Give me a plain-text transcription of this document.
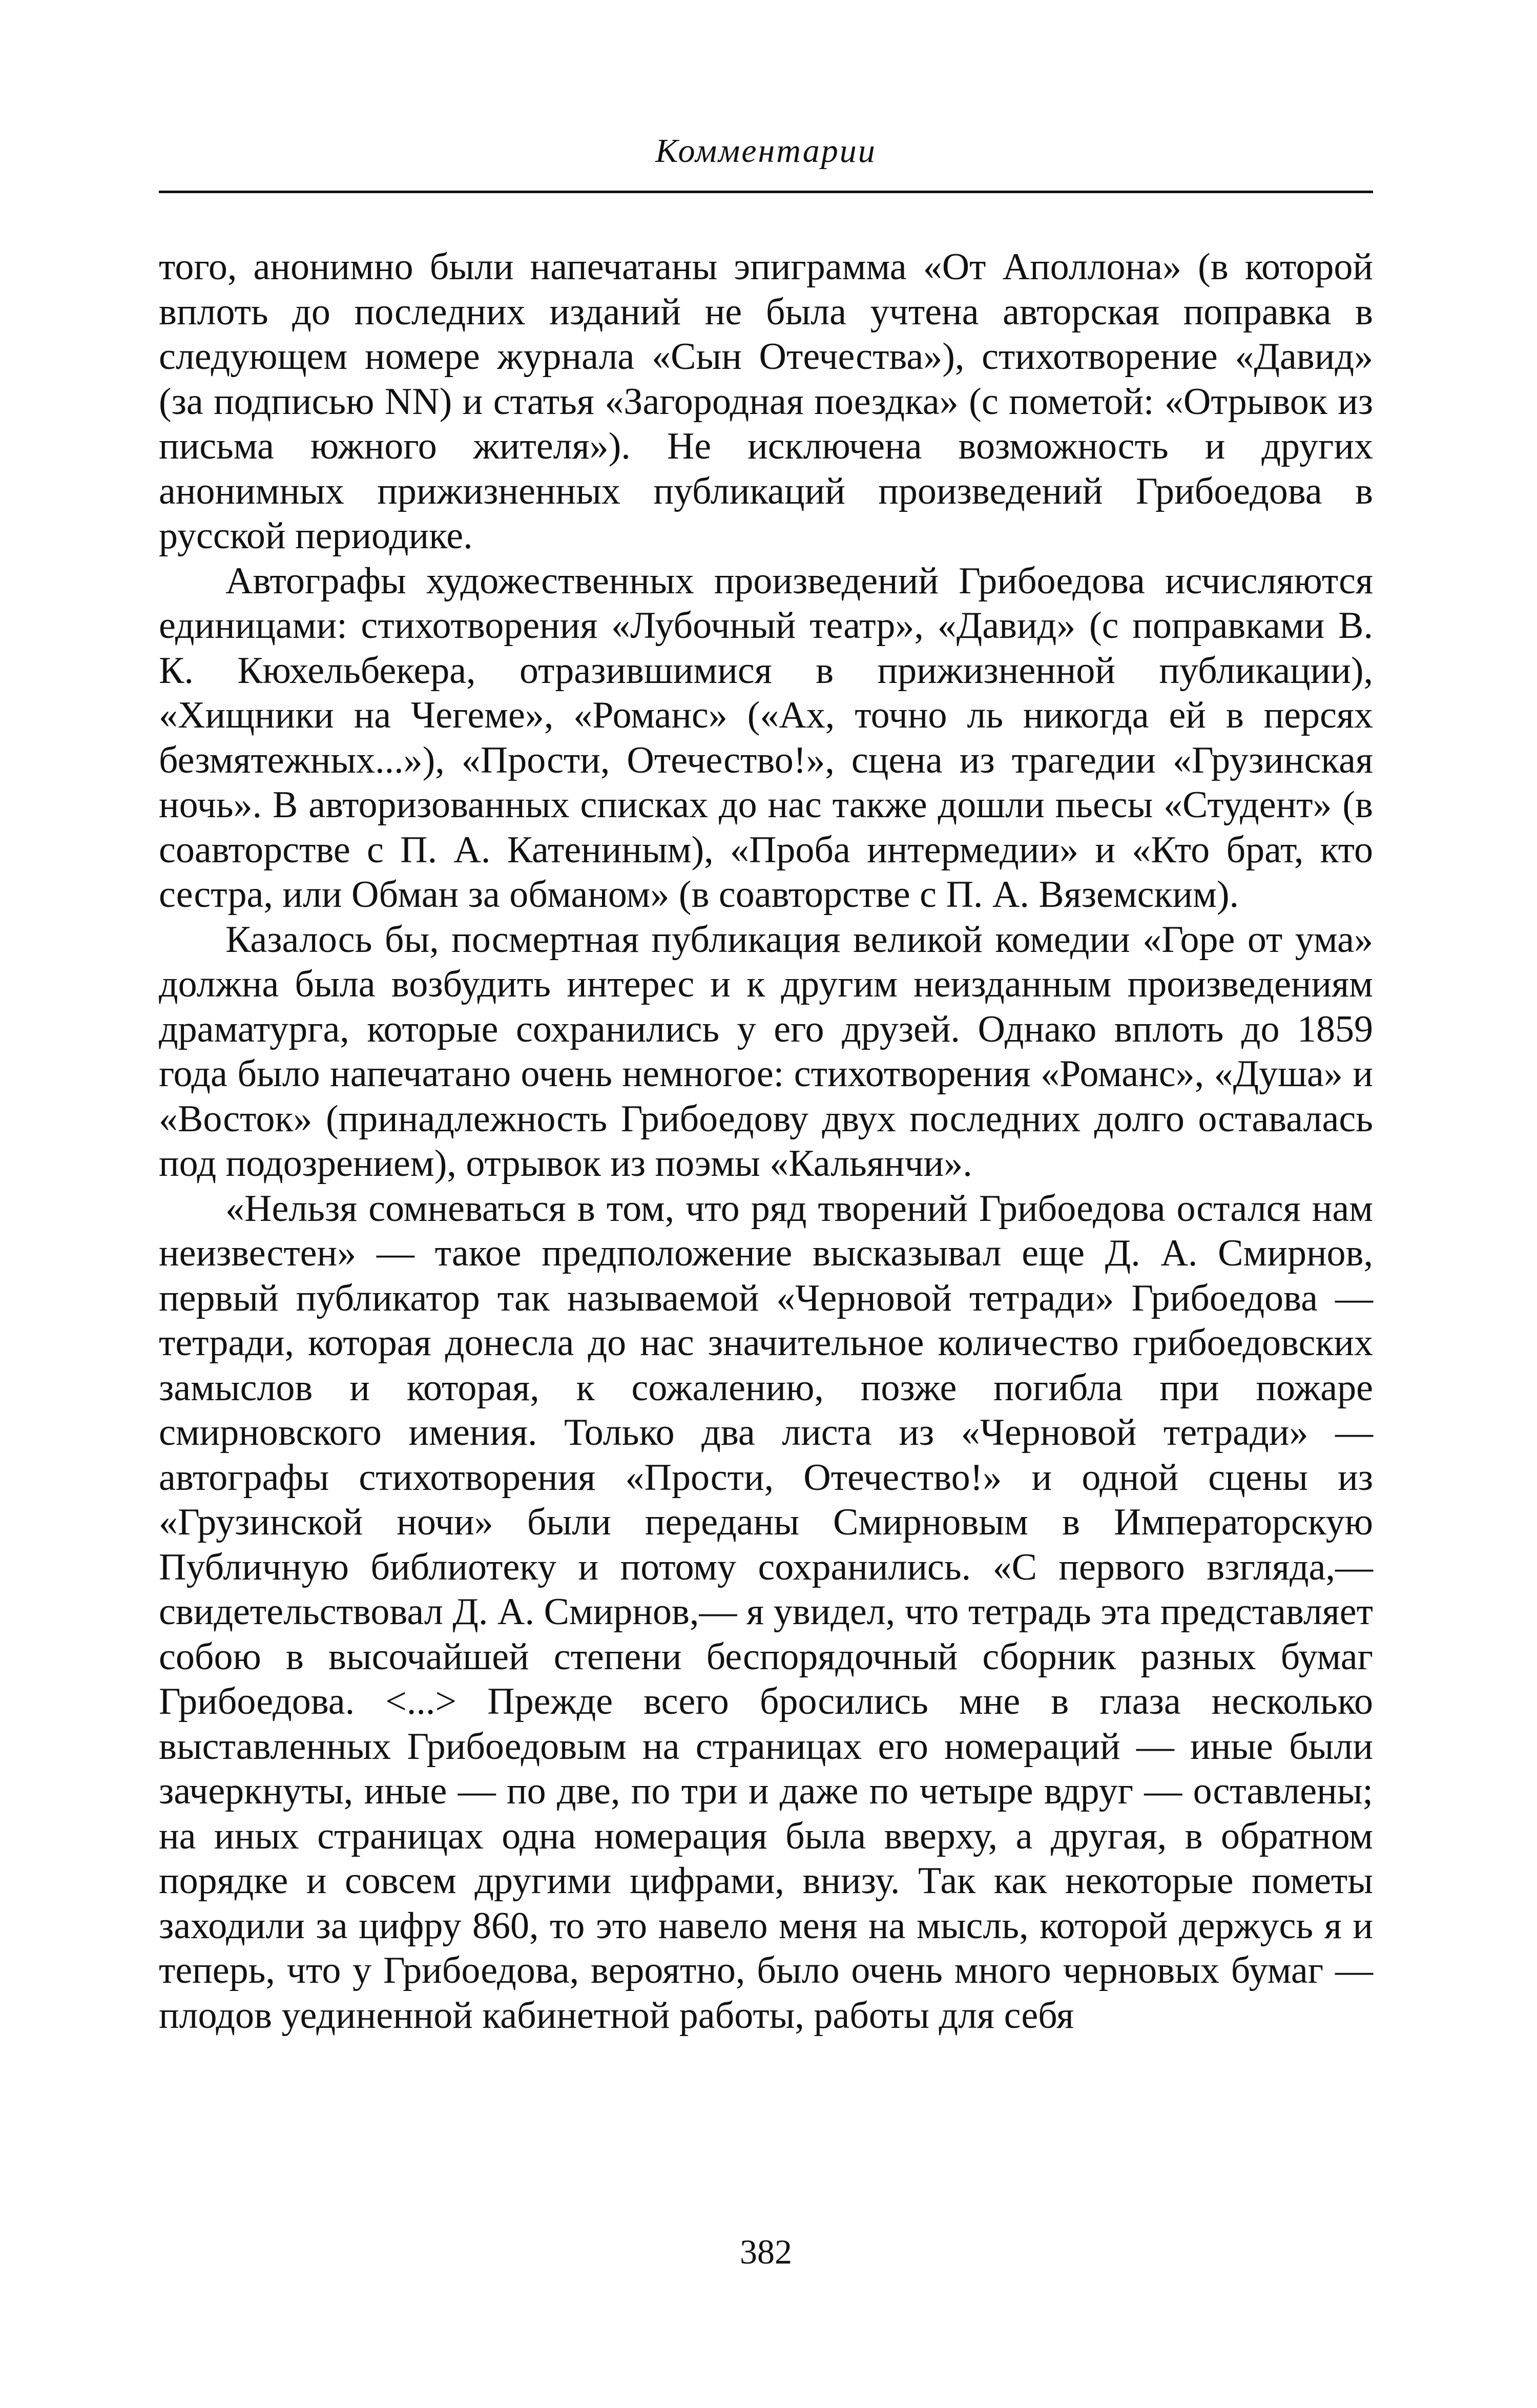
Комментарии

того, анонимно были напечатаны эпиграмма «От Аполлона» (в которой вплоть до последних изданий не была учтена авторская поправка в следующем номере журнала «Сын Отечества»), стихотворение «Давид» (за подписью NN) и статья «Загородная поездка» (с пометой: «Отрывок из письма южного жителя»). Не исключена возможность и других анонимных прижизненных публикаций произведений Грибоедова в русской периодике.

Автографы художественных произведений Грибоедова исчисляются единицами: стихотворения «Лубочный театр», «Давид» (с поправками В. К. Кюхельбекера, отразившимися в прижизненной публикации), «Хищники на Чегеме», «Романс» («Ах, точно ль никогда ей в персях безмятежных...»), «Прости, Отечество!», сцена из трагедии «Грузинская ночь». В авторизованных списках до нас также дошли пьесы «Студент» (в соавторстве с П. А. Катениным), «Проба интермедии» и «Кто брат, кто сестра, или Обман за обманом» (в соавторстве с П. А. Вяземским).

Казалось бы, посмертная публикация великой комедии «Горе от ума» должна была возбудить интерес и к другим неизданным произведениям драматурга, которые сохранились у его друзей. Однако вплоть до 1859 года было напечатано очень немногое: стихотворения «Романс», «Душа» и «Восток» (принадлежность Грибоедову двух последних долго оставалась под подозрением), отрывок из поэмы «Кальянчи».

«Нельзя сомневаться в том, что ряд творений Грибоедова остался нам неизвестен» — такое предположение высказывал еще Д. А. Смирнов, первый публикатор так называемой «Черновой тетради» Грибоедова — тетради, которая донесла до нас значительное количество грибоедовских замыслов и которая, к сожалению, позже погибла при пожаре смирновского имения. Только два листа из «Черновой тетради» — автографы стихотворения «Прости, Отечество!» и одной сцены из «Грузинской ночи» были переданы Смирновым в Императорскую Публичную библиотеку и потому сохранились. «С первого взгляда,— свидетельствовал Д. А. Смирнов,— я увидел, что тетрадь эта представляет собою в высочайшей степени беспорядочный сборник разных бумаг Грибоедова. <...> Прежде всего бросились мне в глаза несколько выставленных Грибоедовым на страницах его номераций — иные были зачеркнуты, иные — по две, по три и даже по четыре вдруг — оставлены; на иных страницах одна номерация была вверху, а другая, в обратном порядке и совсем другими цифрами, внизу. Так как некоторые пометы заходили за цифру 860, то это навело меня на мысль, которой держусь я и теперь, что у Грибоедова, вероятно, было очень много черновых бумаг — плодов уединенной кабинетной работы, работы для себя

382
